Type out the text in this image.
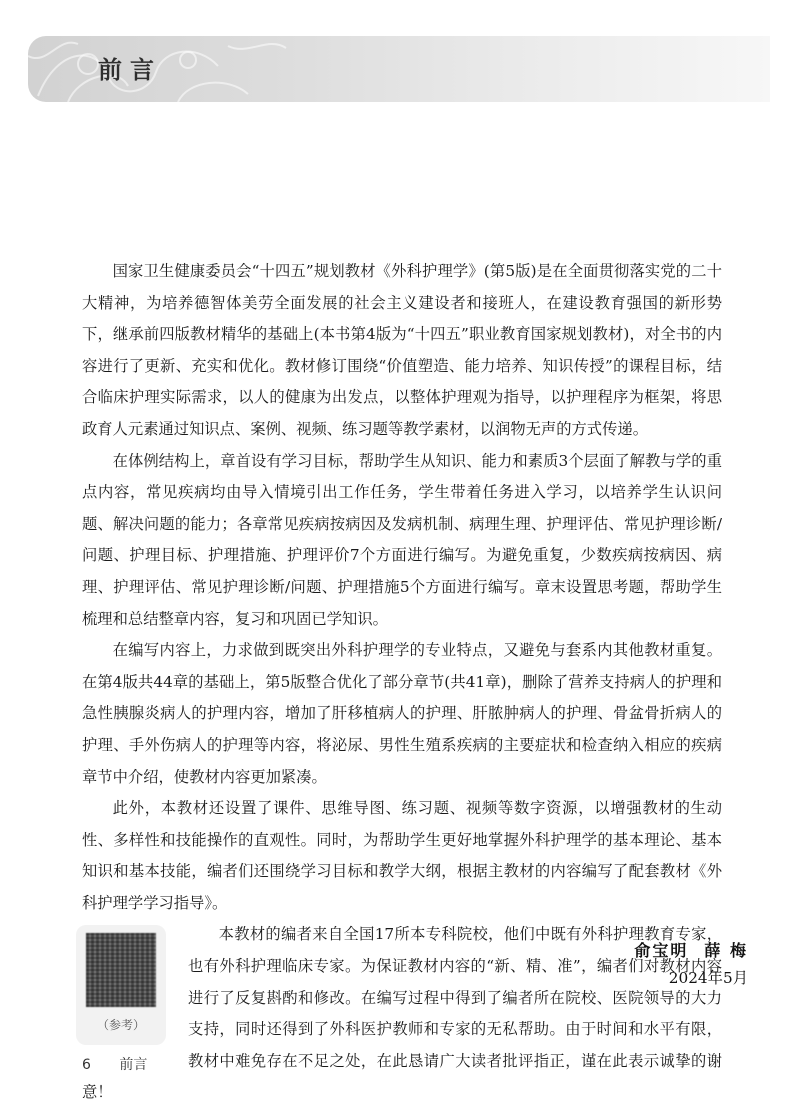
前言

国家卫生健康委员会“十四五”规划教材《外科护理学》(第5版)是在全面贯彻落实党的二十大精神，为培养德智体美劳全面发展的社会主义建设者和接班人，在建设教育强国的新形势下，继承前四版教材精华的基础上(本书第4版为“十四五”职业教育国家规划教材)，对全书的内容进行了更新、充实和优化。教材修订围绕“价值塑造、能力培养、知识传授”的课程目标，结合临床护理实际需求，以人的健康为出发点，以整体护理观为指导，以护理程序为框架，将思政育人元素通过知识点、案例、视频、练习题等教学素材，以润物无声的方式传递。

在体例结构上，章首设有学习目标，帮助学生从知识、能力和素质3个层面了解教与学的重点内容，常见疾病均由导入情境引出工作任务，学生带着任务进入学习，以培养学生认识问题、解决问题的能力；各章常见疾病按病因及发病机制、病理生理、护理评估、常见护理诊断/问题、护理目标、护理措施、护理评价7个方面进行编写。为避免重复，少数疾病按病因、病理、护理评估、常见护理诊断/问题、护理措施5个方面进行编写。章末设置思考题，帮助学生梳理和总结整章内容，复习和巩固已学知识。

在编写内容上，力求做到既突出外科护理学的专业特点，又避免与套系内其他教材重复。在第4版共44章的基础上，第5版整合优化了部分章节(共41章)，删除了营养支持病人的护理和急性胰腺炎病人的护理内容，增加了肝移植病人的护理、肝脓肿病人的护理、骨盆骨折病人的护理、手外伤病人的护理等内容，将泌尿、男性生殖系疾病的主要症状和检查纳入相应的疾病章节中介绍，使教材内容更加紧凑。

此外，本教材还设置了课件、思维导图、练习题、视频等数字资源，以增强教材的生动性、多样性和技能操作的直观性。同时，为帮助学生更好地掌握外科护理学的基本理论、基本知识和基本技能，编者们还围绕学习目标和教学大纲，根据主教材的内容编写了配套教材《外科护理学学习指导》。

（参考）

本教材的编者来自全国17所本专科院校，他们中既有外科护理教育专家，也有外科护理临床专家。为保证教材内容的“新、精、准”，编者们对教材内容进行了反复斟酌和修改。在编写过程中得到了编者所在院校、医院领导的大力支持，同时还得到了外科医护教师和专家的无私帮助。由于时间和水平有限，教材中难免存在不足之处，在此恳请广大读者批评指正，谨在此表示诚挚的谢意！

俞宝明 薛 梅
2024年5月
6 前言
